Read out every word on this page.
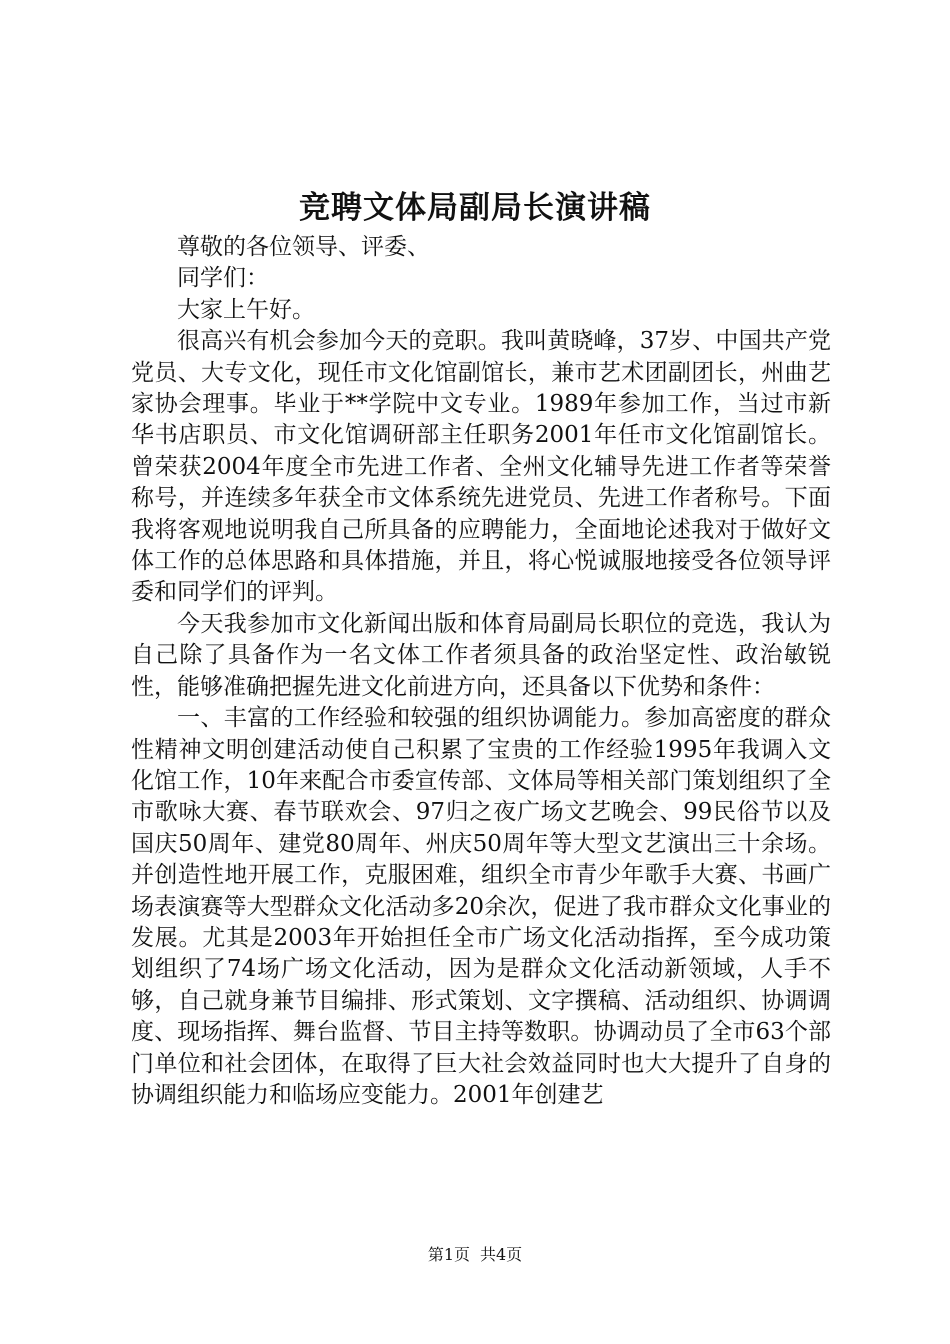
竞聘文体局副局长演讲稿

尊敬的各位领导、评委、

同学们：

大家上午好。

很高兴有机会参加今天的竞职。我叫黄晓峰，37岁、中国共产党党员、大专文化，现任市文化馆副馆长，兼市艺术团副团长，州曲艺家协会理事。毕业于**学院中文专业。1989年参加工作，当过市新华书店职员、市文化馆调研部主任职务2001年任市文化馆副馆长。曾荣获2004年度全市先进工作者、全州文化辅导先进工作者等荣誉称号，并连续多年获全市文体系统先进党员、先进工作者称号。下面我将客观地说明我自己所具备的应聘能力，全面地论述我对于做好文体工作的总体思路和具体措施，并且，将心悦诚服地接受各位领导评委和同学们的评判。

今天我参加市文化新闻出版和体育局副局长职位的竞选，我认为自己除了具备作为一名文体工作者须具备的政治坚定性、政治敏锐性，能够准确把握先进文化前进方向，还具备以下优势和条件：

一、丰富的工作经验和较强的组织协调能力。参加高密度的群众性精神文明创建活动使自己积累了宝贵的工作经验1995年我调入文化馆工作，10年来配合市委宣传部、文体局等相关部门策划组织了全市歌咏大赛、春节联欢会、97归之夜广场文艺晚会、99民俗节以及国庆50周年、建党80周年、州庆50周年等大型文艺演出三十余场。并创造性地开展工作，克服困难，组织全市青少年歌手大赛、书画广场表演赛等大型群众文化活动多20余次，促进了我市群众文化事业的发展。尤其是2003年开始担任全市广场文化活动指挥，至今成功策划组织了74场广场文化活动，因为是群众文化活动新领域，人手不够，自己就身兼节目编排、形式策划、文字撰稿、活动组织、协调调度、现场指挥、舞台监督、节目主持等数职。协调动员了全市63个部门单位和社会团体，在取得了巨大社会效益同时也大大提升了自身的协调组织能力和临场应变能力。2001年创建艺

第1页 共4页
